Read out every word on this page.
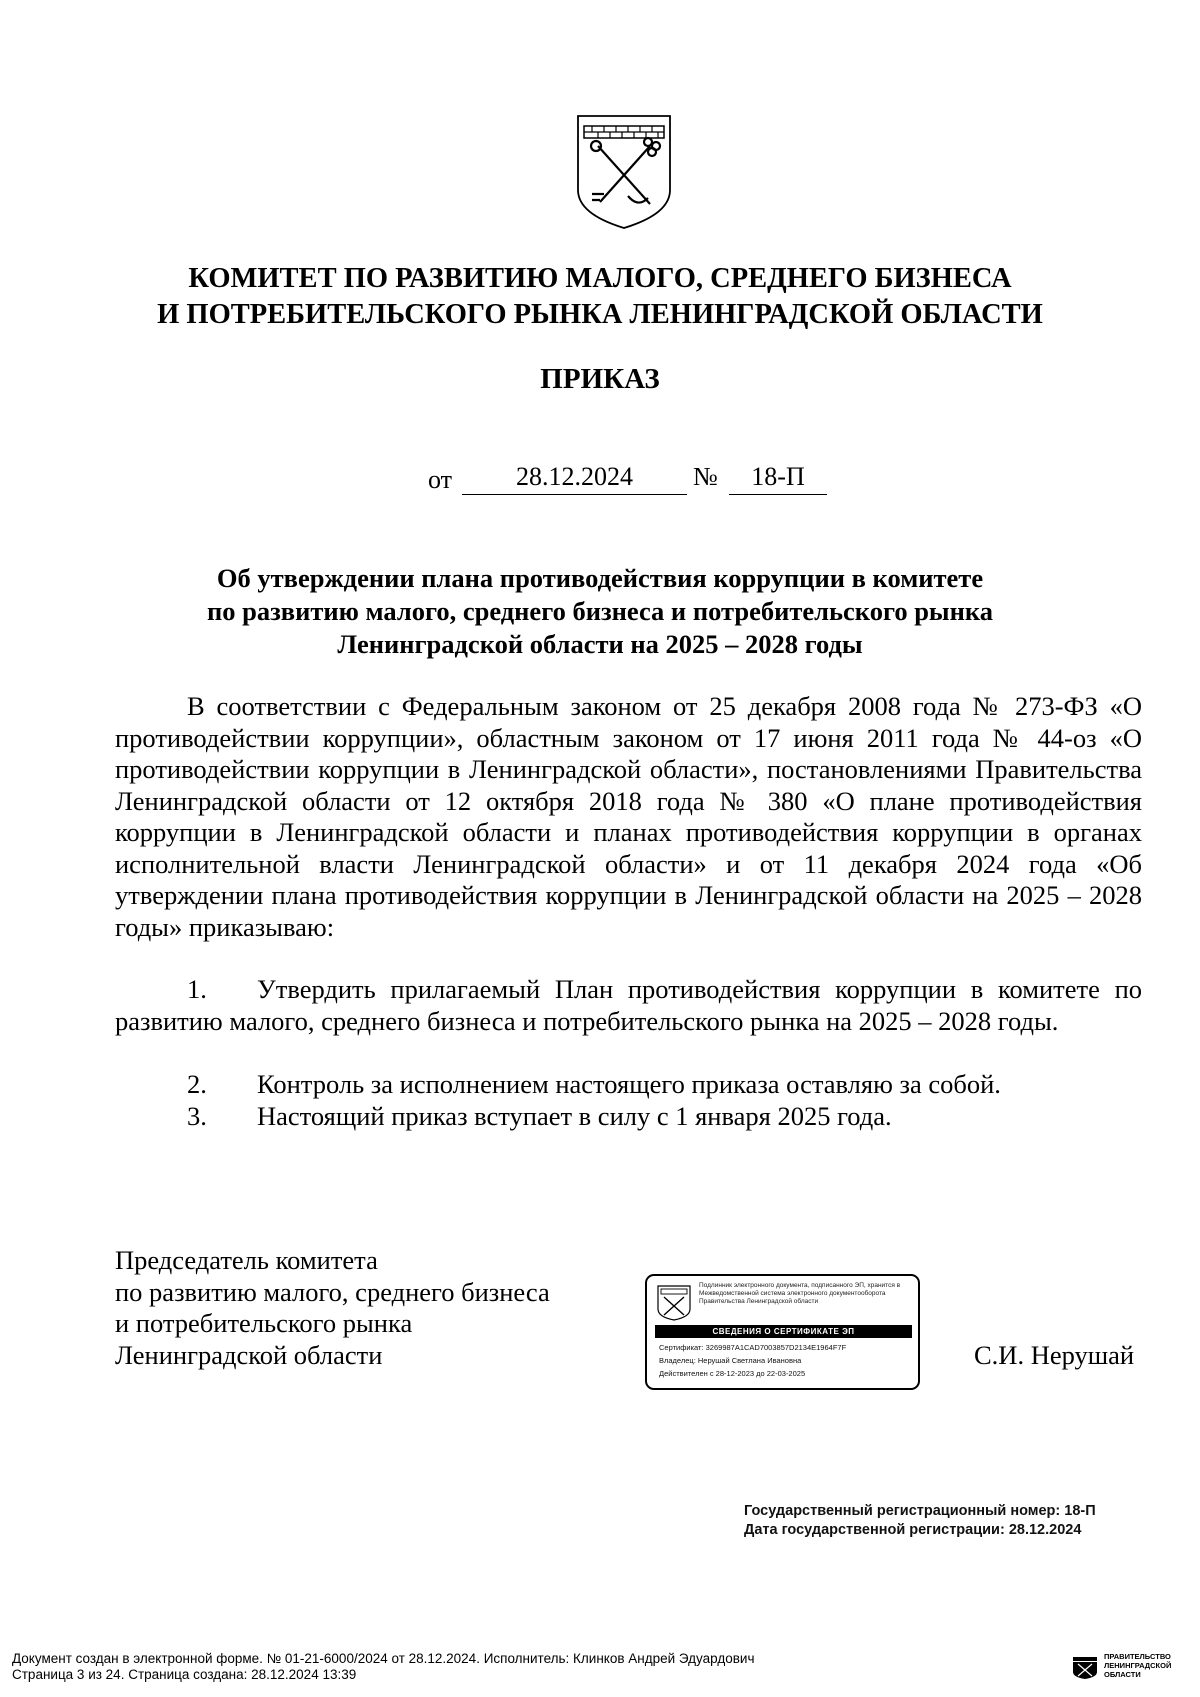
КОМИТЕТ ПО РАЗВИТИЮ МАЛОГО, СРЕДНЕГО БИЗНЕСА
И ПОТРЕБИТЕЛЬСКОГО РЫНКА ЛЕНИНГРАДСКОЙ ОБЛАСТИ
ПРИКАЗ
от	28.12.2024	№	18-П
Об утверждении плана противодействия коррупции в комитете
по развитию малого, среднего бизнеса и потребительского рынка
Ленинградской области на 2025 – 2028 годы
В соответствии с Федеральным законом от 25 декабря 2008 года № 273-ФЗ «О противодействии коррупции», областным законом от 17 июня 2011 года № 44-оз «О противодействии коррупции в Ленинградской области», постановлениями Правительства Ленинградской области от 12 октября 2018 года № 380 «О плане противодействия коррупции в Ленинградской области и планах противодействия коррупции в органах исполнительной власти Ленинградской области» и от 11 декабря 2024 года «Об утверждении плана противодействия коррупции в Ленинградской области на 2025 – 2028 годы» приказываю:
1. Утвердить прилагаемый План противодействия коррупции в комитете по развитию малого, среднего бизнеса и потребительского рынка на 2025 – 2028 годы.
2. Контроль за исполнением настоящего приказа оставляю за собой.
3. Настоящий приказ вступает в силу с 1 января 2025 года.
Председатель комитета
по развитию малого, среднего бизнеса
и потребительского рынка
Ленинградской области
Подлинник электронного документа, подписанного ЭП, хранится в Межведомственной система электронного документооборота Правительства Ленинградской области
СВЕДЕНИЯ О СЕРТИФИКАТЕ ЭП
Сертификат: 3269987A1CAD7003857D2134E1964F7F
Владелец: Нерушай Светлана Ивановна
Действителен с 28-12-2023 до 22-03-2025
С.И. Нерушай
Государственный регистрационный номер: 18-П
Дата государственной регистрации: 28.12.2024
Документ создан в электронной форме. № 01-21-6000/2024 от 28.12.2024. Исполнитель: Клинков Андрей Эдуардович
Страница 3 из 24. Страница создана: 28.12.2024 13:39
ПРАВИТЕЛЬСТВО
ЛЕНИНГРАДСКОЙ
ОБЛАСТИ
